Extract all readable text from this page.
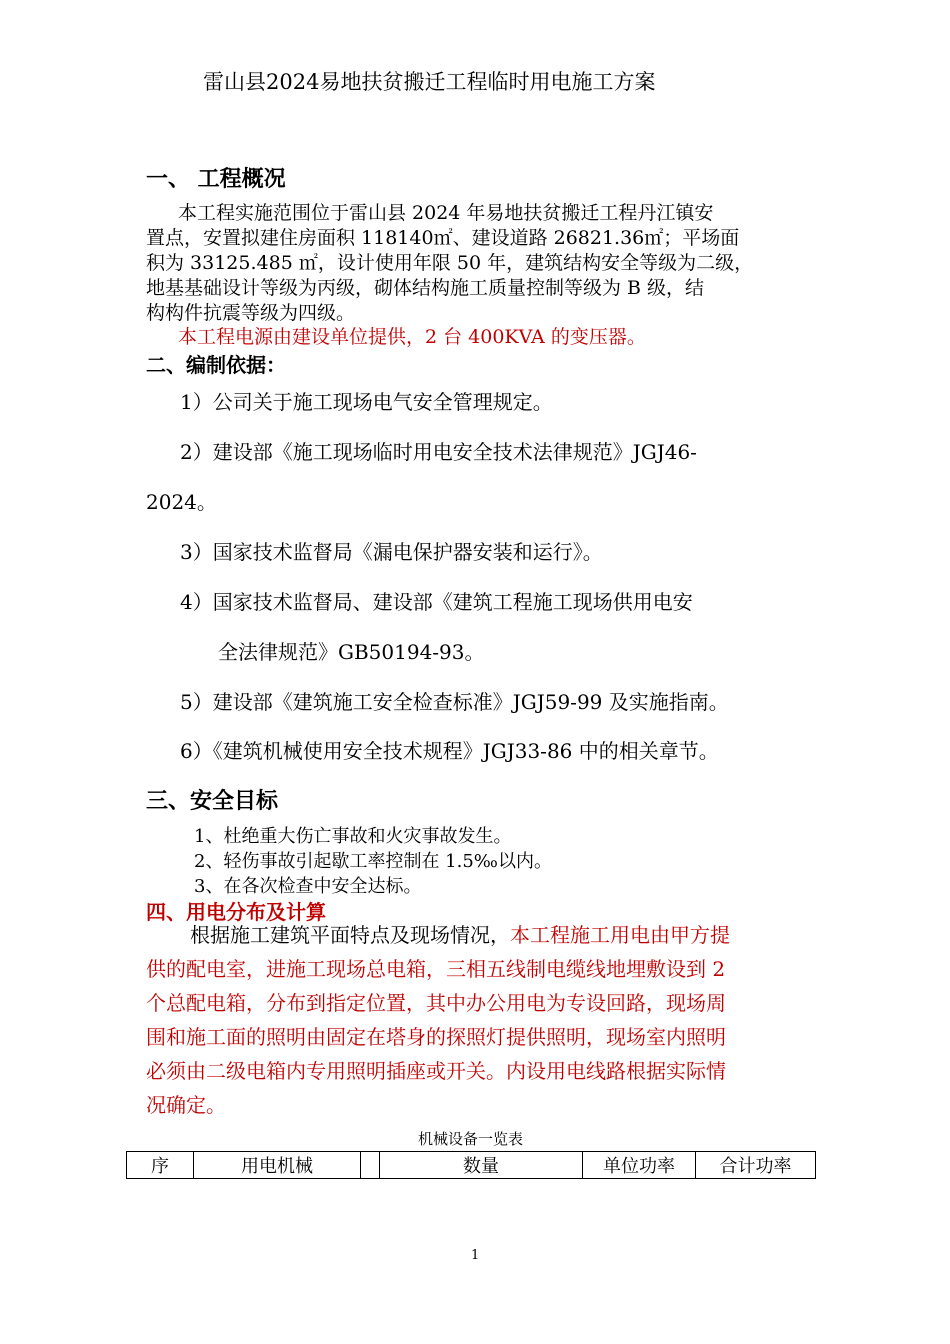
雷山县2024易地扶贫搬迁工程临时用电施工方案
一、 工程概况
本工程实施范围位于雷山县 2024 年易地扶贫搬迁工程丹江镇安
置点，安置拟建住房面积 118140㎡、建设道路 26821.36㎡；平场面
积为 33125.485 ㎡，设计使用年限 50 年，建筑结构安全等级为二级，
地基基础设计等级为丙级，砌体结构施工质量控制等级为 B 级，结
构构件抗震等级为四级。
本工程电源由建设单位提供，2 台 400KVA 的变压器。
二、编制依据：
1）公司关于施工现场电气安全管理规定。
2）建设部《施工现场临时用电安全技术法律规范》JGJ46-
2024。
3）国家技术监督局《漏电保护器安装和运行》。
4）国家技术监督局、建设部《建筑工程施工现场供用电安
全法律规范》GB50194-93。
5）建设部《建筑施工安全检查标准》JGJ59-99 及实施指南。
6）《建筑机械使用安全技术规程》JGJ33-86 中的相关章节。
三、安全目标
1、杜绝重大伤亡事故和火灾事故发生。
2、轻伤事故引起歇工率控制在 1.5‰以内。
3、在各次检查中安全达标。
四、用电分布及计算
根据施工建筑平面特点及现场情况，本工程施工用电由甲方提
供的配电室，进施工现场总电箱，三相五线制电缆线地埋敷设到 2
个总配电箱，分布到指定位置，其中办公用电为专设回路，现场周
围和施工面的照明由固定在塔身的探照灯提供照明，现场室内照明
必须由二级电箱内专用照明插座或开关。内设用电线路根据实际情
况确定。
机械设备一览表
序	用电机械		数量	单位功率	合计功率
1
